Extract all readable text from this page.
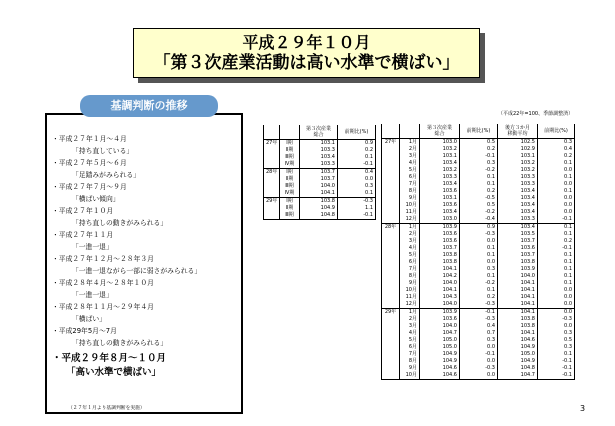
平成２９年１０月
「第３次産業活動は高い水準で横ばい」
基調判断の推移
・平成２７年１月～４月
「持ち直している」
・平成２７年５月～６月
「足踏みがみられる」
・平成２７年７月～９月
「横ばい傾向」
・平成２７年１０月
「持ち直しの動きがみられる」
・平成２７年１１月
「一進一退」
・平成２７年１２月～２８年３月
「一進一退ながら一部に弱さがみられる」
・平成２８年４月～２８年１０月
「一進一退」
・平成２８年１１月～２９年４月
「横ばい」
・平成29年5月～7月
「持ち直しの動きがみられる」
・平成２９年８月～１０月
「高い水準で横ばい」
（２７年１月より基調判断を実施）
（平成22年=100、季節調整済）
		第３次産業
総合	前期比(%)
27年	Ⅰ期	103.1	0.9
	Ⅱ期	103.3	0.2
	Ⅲ期	103.4	0.1
	Ⅳ期	103.3	-0.1
28年	Ⅰ期	103.7	0.4
	Ⅱ期	103.7	0.0
	Ⅲ期	104.0	0.3
	Ⅳ期	104.1	0.1
29年	Ⅰ期	103.8	-0.3
	Ⅱ期	104.9	1.1
	Ⅲ期	104.8	-0.1
		第３次産業
総合	前期比(%)	後方３か月
移動平均	前期比(%)
27年	1月	103.0	0.5	102.5	0.3
	2月	103.2	0.2	102.9	0.4
	3月	103.1	-0.1	103.1	0.2
	4月	103.4	0.3	103.2	0.1
	5月	103.2	-0.2	103.2	0.0
	6月	103.3	0.1	103.3	0.1
	7月	103.4	0.1	103.3	0.0
	8月	103.6	0.2	103.4	0.1
	9月	103.1	-0.5	103.4	0.0
	10月	103.6	0.5	103.4	0.0
	11月	103.4	-0.2	103.4	0.0
	12月	103.0	-0.4	103.3	-0.1
28年	1月	103.9	0.9	103.4	0.1
	2月	103.6	-0.3	103.5	0.1
	3月	103.6	0.0	103.7	0.2
	4月	103.7	0.1	103.6	-0.1
	5月	103.8	0.1	103.7	0.1
	6月	103.8	0.0	103.8	0.1
	7月	104.1	0.3	103.9	0.1
	8月	104.2	0.1	104.0	0.1
	9月	104.0	-0.2	104.1	0.1
	10月	104.1	0.1	104.1	0.0
	11月	104.3	0.2	104.1	0.0
	12月	104.0	-0.3	104.1	0.0
29年	1月	103.9	-0.1	104.1	0.0
	2月	103.6	-0.3	103.8	-0.3
	3月	104.0	0.4	103.8	0.0
	4月	104.7	0.7	104.1	0.3
	5月	105.0	0.3	104.6	0.5
	6月	105.0	0.0	104.9	0.3
	7月	104.9	-0.1	105.0	0.1
	8月	104.9	0.0	104.9	-0.1
	9月	104.6	-0.3	104.8	-0.1
	10月	104.6	0.0	104.7	-0.1
3
